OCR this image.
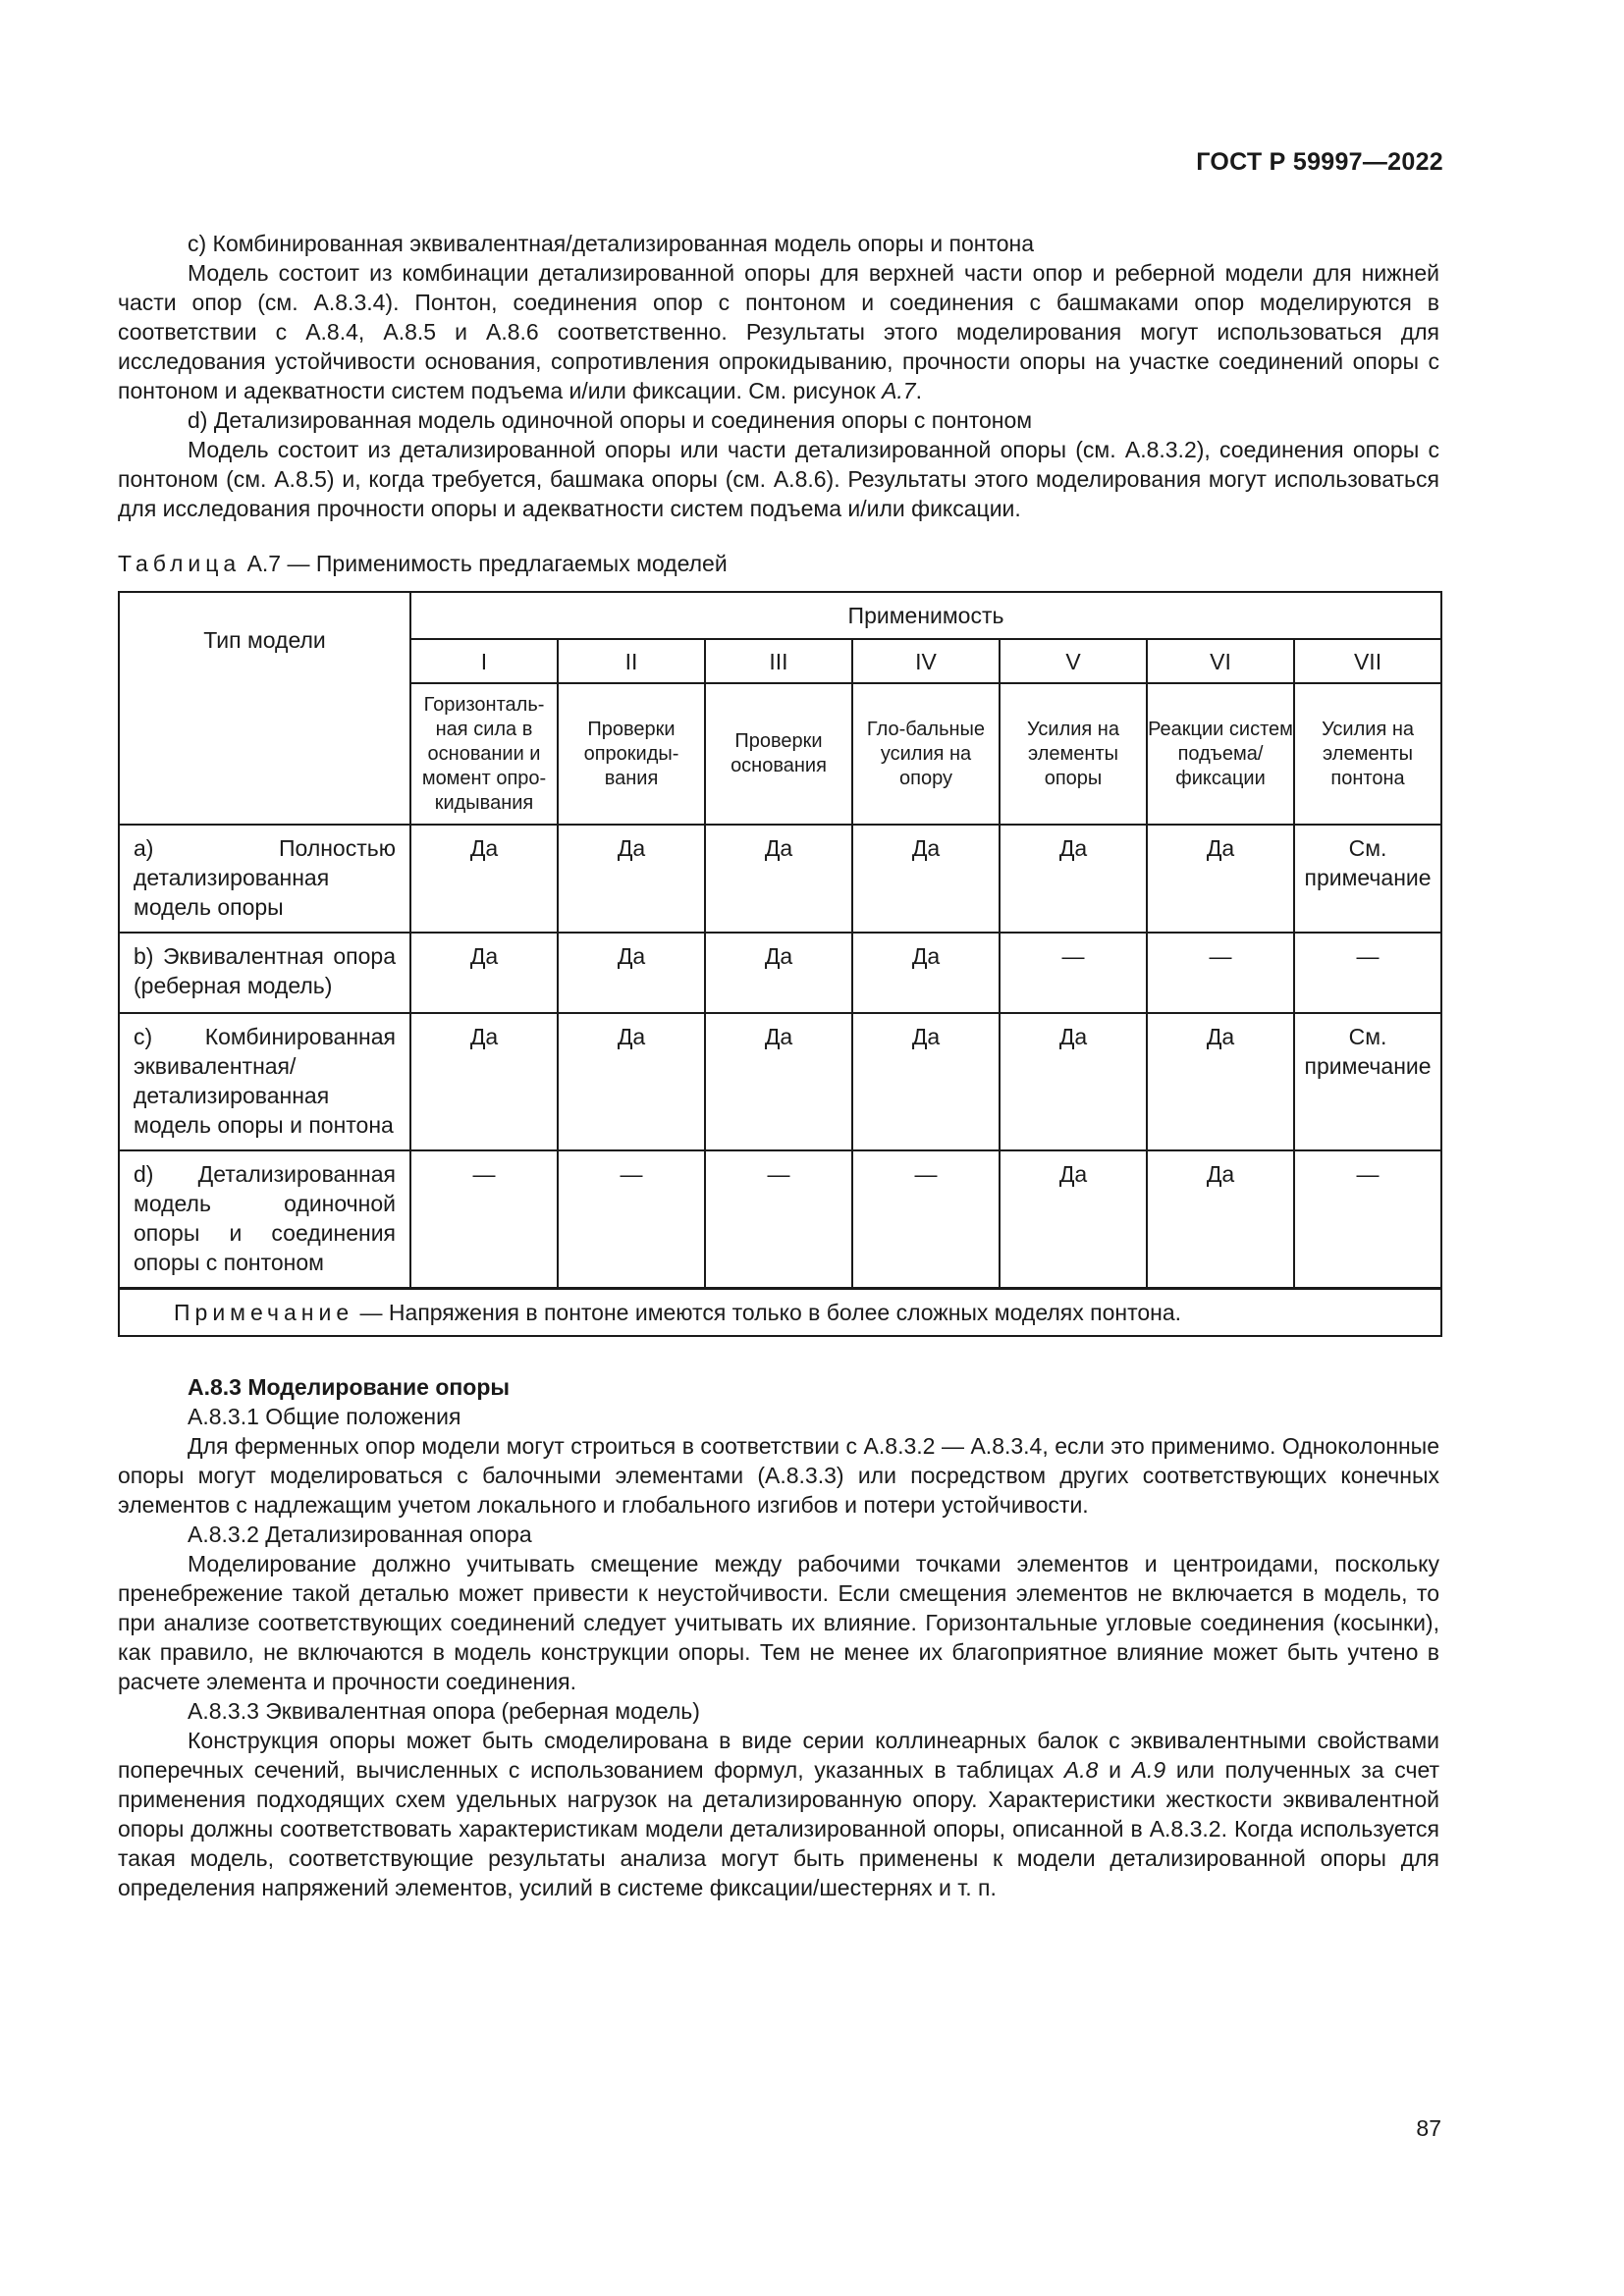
ГОСТ Р 59997—2022

c) Комбинированная эквивалентная/детализированная модель опоры и понтона

Модель состоит из комбинации детализированной опоры для верхней части опор и реберной модели для нижней части опор (см. А.8.3.4). Понтон, соединения опор с понтоном и соединения с башмаками опор моделируются в соответствии с А.8.4, А.8.5 и А.8.6 соответственно. Результаты этого моделирования могут использоваться для исследования устойчивости основания, сопротивления опрокидыванию, прочности опоры на участке соединений опоры с понтоном и адекватности систем подъема и/или фиксации. См. рисунок А.7.

d) Детализированная модель одиночной опоры и соединения опоры с понтоном

Модель состоит из детализированной опоры или части детализированной опоры (см. А.8.3.2), соединения опоры с понтоном (см. А.8.5) и, когда требуется, башмака опоры (см. А.8.6). Результаты этого моделирования могут использоваться для исследования прочности опоры и адекватности систем подъема и/или фиксации.

Таблица А.7 — Применимость предлагаемых моделей
Тип модели	Применимость						
	I	II	III	IV	V	VI	VII
	Горизонталь-ная сила в основании и момент опро-кидывания	Проверки опрокиды-вания	Проверки основания	Гло-бальные усилия на опору	Усилия на элементы опоры	Реакции систем подъема/ фиксации	Усилия на элементы понтона
a) Полностью детализированная модель опоры	Да	Да	Да	Да	Да	Да	См. примечание
b) Эквивалентная опора (реберная модель)	Да	Да	Да	Да	—	—	—
c) Комбинированная эквивалентная/детализированная модель опоры и понтона	Да	Да	Да	Да	Да	Да	См. примечание
d) Детализированная модель одиночной опоры и соединения опоры с понтоном	—	—	—	—	Да	Да	—
Примечание — Напряжения в понтоне имеются только в более сложных моделях понтона.							

А.8.3 Моделирование опоры

А.8.3.1 Общие положения

Для ферменных опор модели могут строиться в соответствии с А.8.3.2 — А.8.3.4, если это применимо. Одноколонные опоры могут моделироваться с балочными элементами (А.8.3.3) или посредством других соответствующих конечных элементов с надлежащим учетом локального и глобального изгибов и потери устойчивости.

А.8.3.2 Детализированная опора

Моделирование должно учитывать смещение между рабочими точками элементов и центроидами, поскольку пренебрежение такой деталью может привести к неустойчивости. Если смещения элементов не включается в модель, то при анализе соответствующих соединений следует учитывать их влияние. Горизонтальные угловые соединения (косынки), как правило, не включаются в модель конструкции опоры. Тем не менее их благоприятное влияние может быть учтено в расчете элемента и прочности соединения.

А.8.3.3 Эквивалентная опора (реберная модель)

Конструкция опоры может быть смоделирована в виде серии коллинеарных балок с эквивалентными свойствами поперечных сечений, вычисленных с использованием формул, указанных в таблицах А.8 и А.9 или полученных за счет применения подходящих схем удельных нагрузок на детализированную опору. Характеристики жесткости эквивалентной опоры должны соответствовать характеристикам модели детализированной опоры, описанной в А.8.3.2. Когда используется такая модель, соответствующие результаты анализа могут быть применены к модели детализированной опоры для определения напряжений элементов, усилий в системе фиксации/шестернях и т. п.

87
